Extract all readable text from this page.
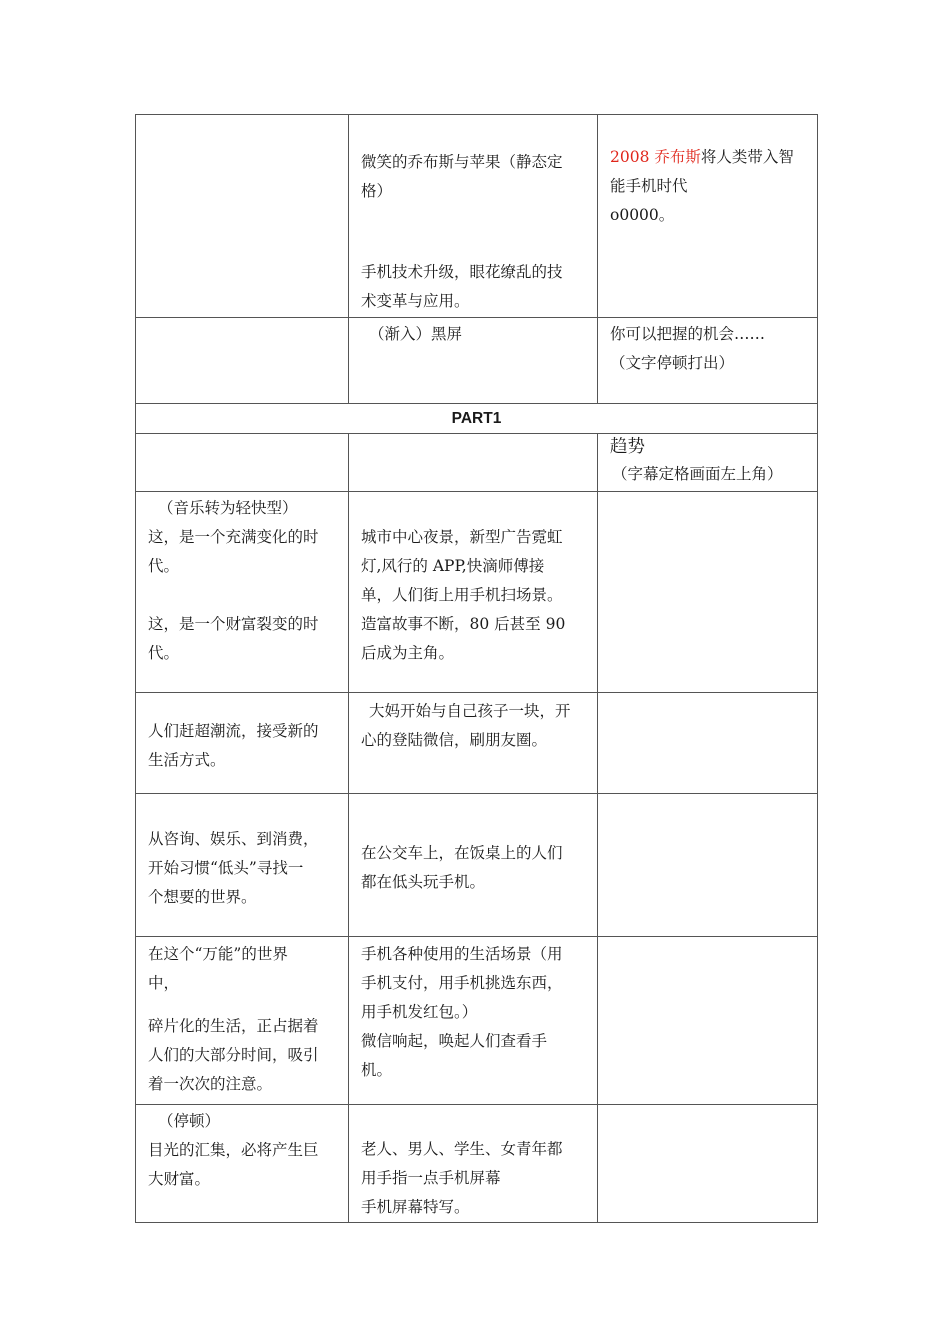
	微笑的乔布斯与苹果（静态定
格）
手机技术升级，眼花缭乱的技
术变革与应用。	2008 乔布斯将人类带入智
能手机时代
o0000。

	（渐入）黑屏	你可以把握的机会……
（文字停顿打出）

PART1		

		趋势
（字幕定格画面左上角）

（音乐转为轻快型）
这，是一个充满变化的时
代。
这，是一个财富裂变的时
代。	城市中心夜景，新型广告霓虹
灯,风行的 APP,快滴师傅接
单，人们街上用手机扫场景。
造富故事不断，80 后甚至 90
后成为主角。	

人们赶超潮流，接受新的
生活方式。	大妈开始与自己孩子一块，开
心的登陆微信，刷朋友圈。	

从咨询、娱乐、到消费，
开始习惯“低头”寻找一
个想要的世界。	在公交车上，在饭桌上的人们
都在低头玩手机。	

在这个“万能”的世界
中，
碎片化的生活，正占据着
人们的大部分时间，吸引
着一次次的注意。	手机各种使用的生活场景（用
手机支付，用手机挑选东西，
用手机发红包。）
微信响起，唤起人们查看手
机。	

（停顿）
目光的汇集，必将产生巨
大财富。	老人、男人、学生、女青年都
用手指一点手机屏幕
手机屏幕特写。	
